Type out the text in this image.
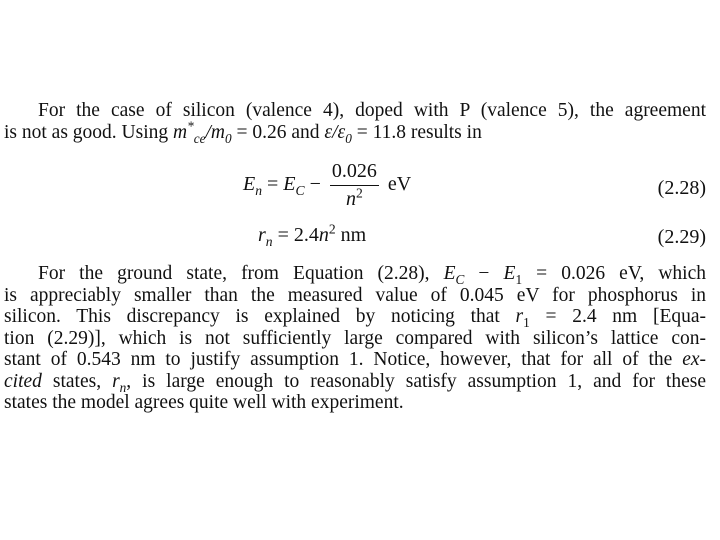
For the case of silicon (valence 4), doped with P (valence 5), the agreement
is not as good. Using $m^*_{ce}/m_0 = 0.26$ and $\varepsilon/\varepsilon_0 = 11.8$ results in
$E_n = E_C - \frac{0.026}{n^2}$ eV	(2.28)
$r_n = 2.4n^2$ nm	(2.29)
For the ground state, from Equation (2.28), $E_C - E_1 = 0.026$ eV, which
is appreciably smaller than the measured value of 0.045 eV for phosphorus in
silicon. This discrepancy is explained by noticing that $r_1 = 2.4$ nm [Equa-
tion (2.29)], which is not sufficiently large compared with silicon’s lattice con-
stant of 0.543 nm to justify assumption 1. Notice, however, that for all of the ex-
cited states, $r_n$, is large enough to reasonably satisfy assumption 1, and for these
states the model agrees quite well with experiment.
